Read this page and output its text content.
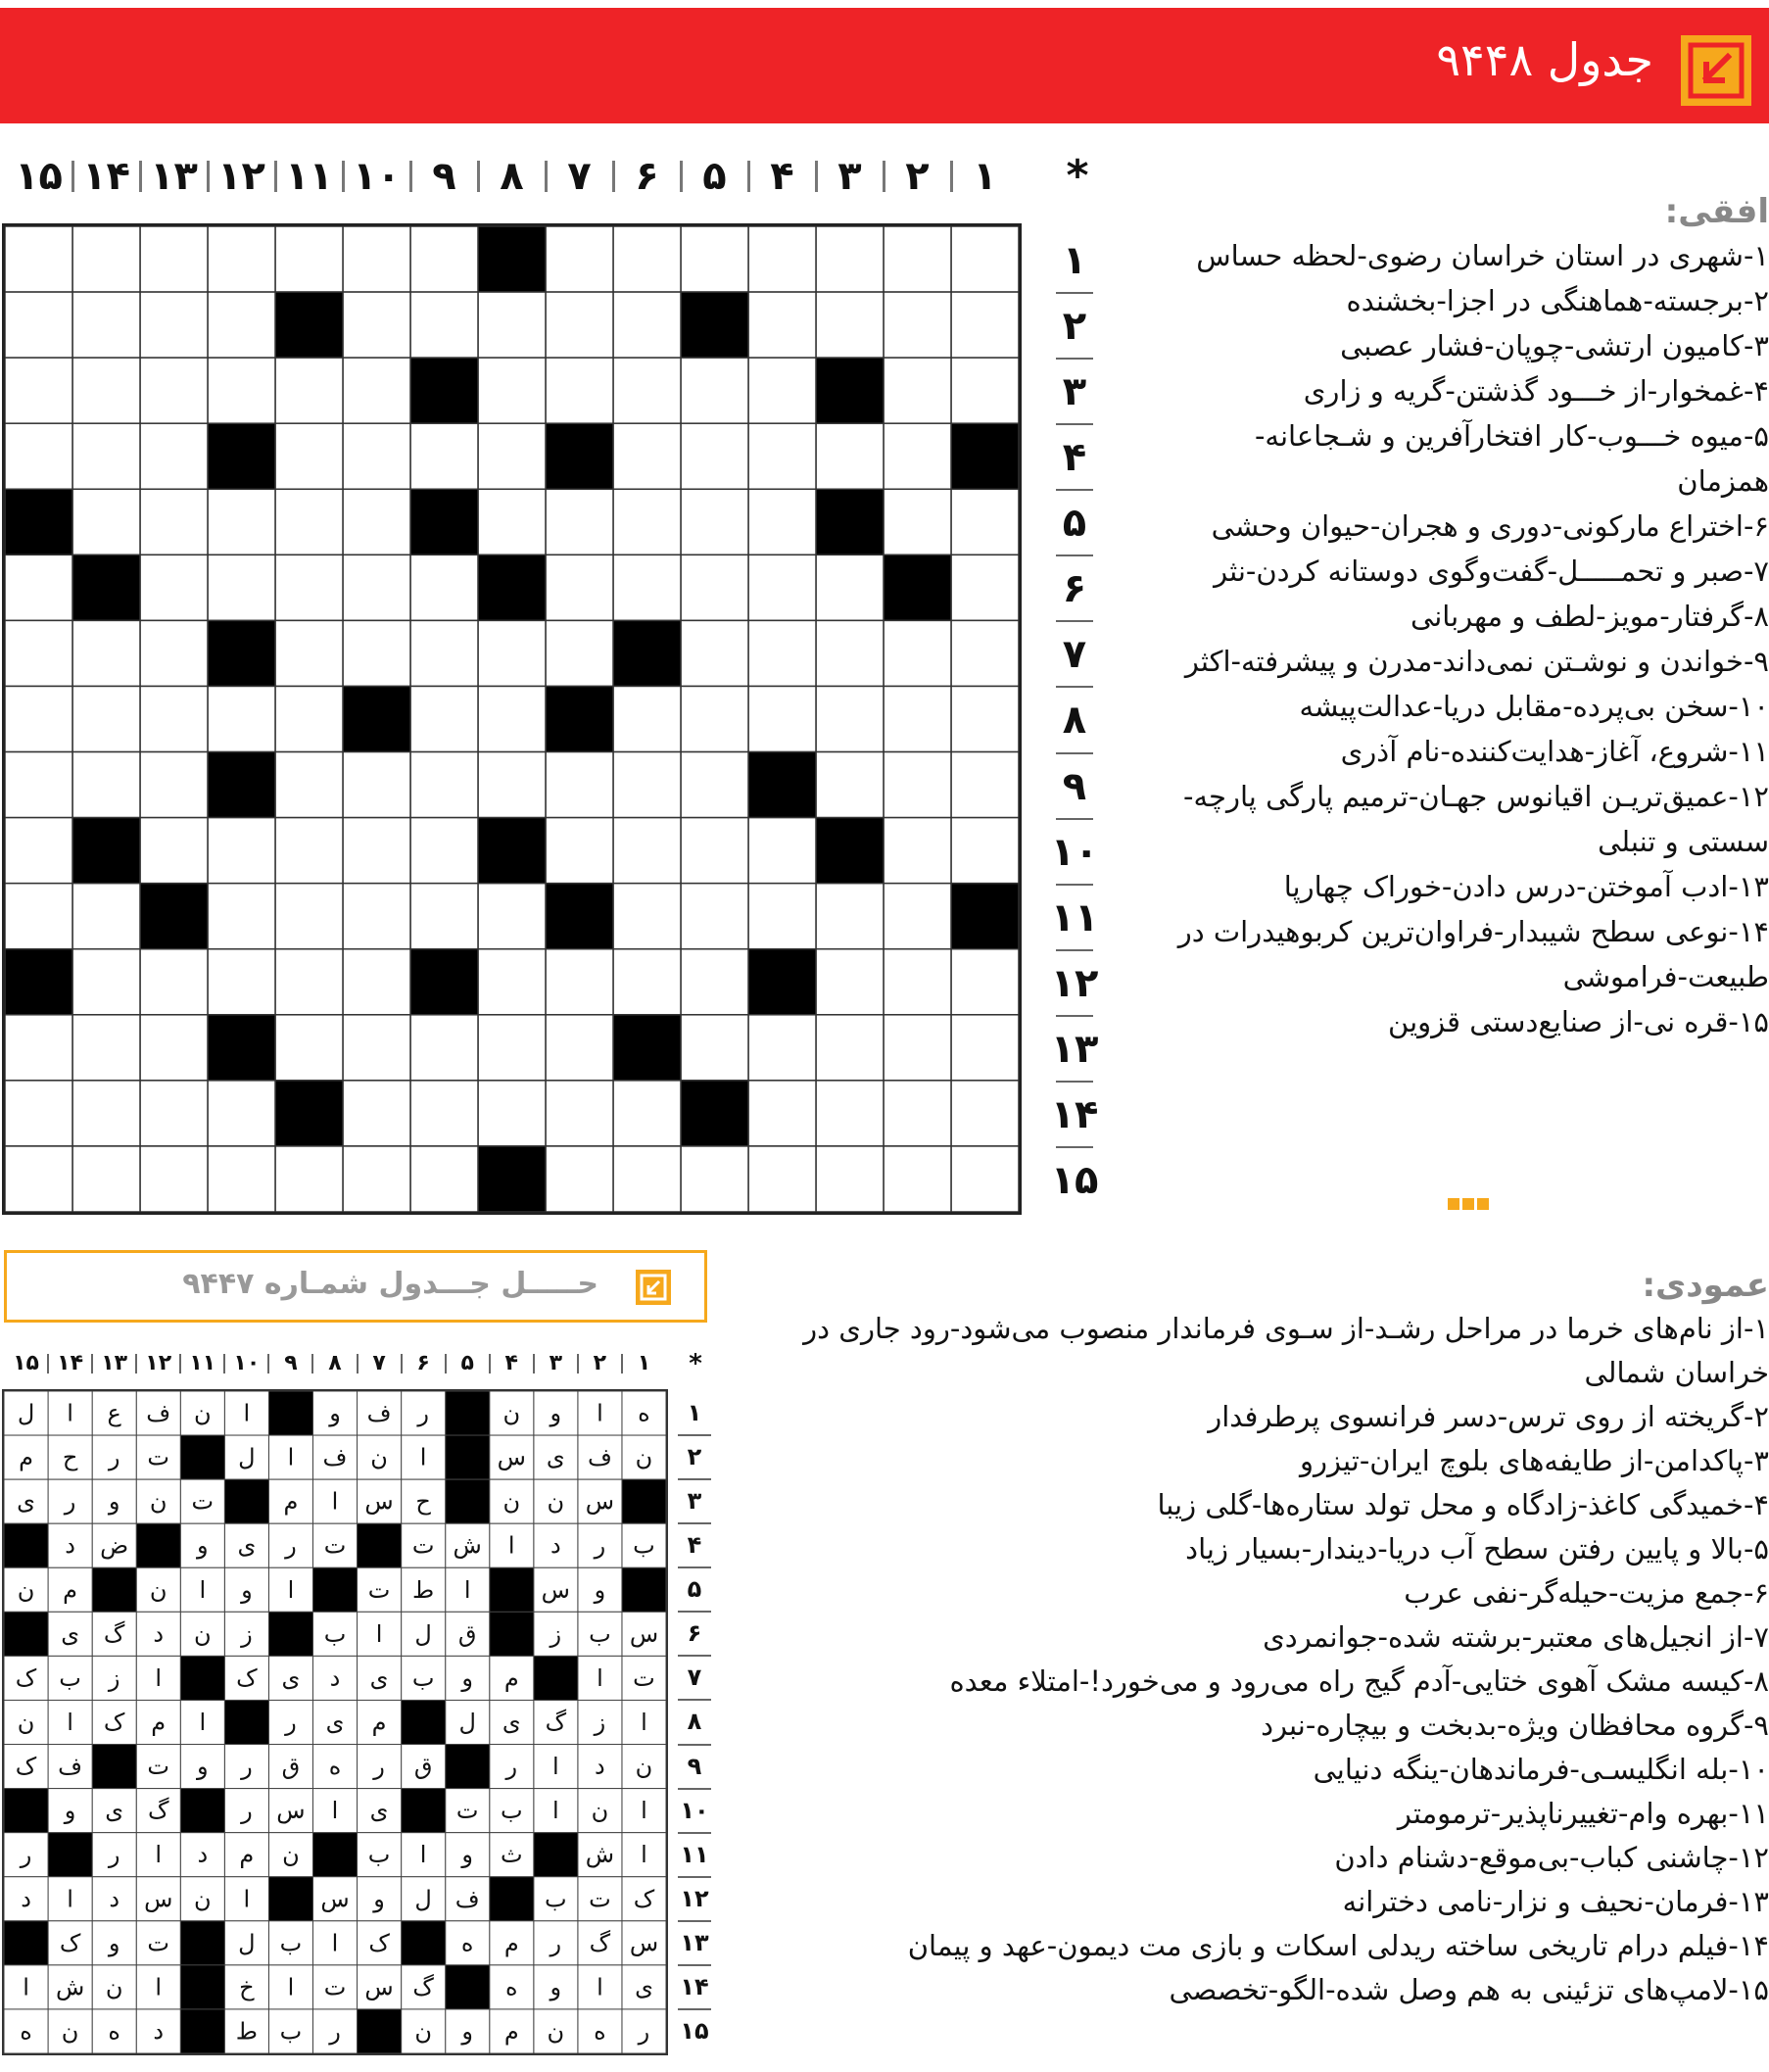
جدول ۹۴۴۸
۱
۲
۳
۴
۵
۶
۷
۸
۹
۱۰
۱۱
۱۲
۱۳
۱۴
۱۵	*
۱
۲
۳
۴
۵
۶
۷
۸
۹
۱۰
۱۱
۱۲
۱۳
۱۴
۱۵
افقی:
۱-شهری در استان خراسان رضوی-لحظه حساس
۲-برجسته-هماهنگی در اجزا-بخشنده
۳-کامیون ارتشی-چوپان-فشار عصبی
۴-غمخوار-از خـــود گذشتن-گریه و زاری
۵-میوه خـــوب-کار افتخارآفرین و شـجاعانه-همزمان
۶-اختراع مارکونی-دوری و هجران-حیوان وحشی
۷-صبر و تحمـــــل-گفت‌وگوی دوستانه کردن-نثر
۸-گرفتار-مویز-لطف و مهربانی
۹-خواندن و نوشـتن نمی‌داند-مدرن و پیشرفته-اکثر
۱۰-سخن بی‌پرده-مقابل دریا-عدالت‌پیشه
۱۱-شروع، آغاز-هدایت‌کننده-نام آذری
۱۲-عمیق‌تریـن اقیانوس جهـان-ترمیم پارگی پارچه-سستی و تنبلی
۱۳-ادب آموختن-درس دادن-خوراک چهارپا
۱۴-نوعی سطح شیبدار-فراوان‌ترین کربوهیدرات در طبیعت-فراموشی
۱۵-قره نی-از صنایع‌دستی قزوین
عمودی:
۱-از نام‌های خرما در مراحل رشـد-از سـوی فرماندار منصوب می‌شود-رود جاری در خراسان شمالی
۲-گریخته از روی ترس-دسر فرانسوی پرطرفدار
۳-پاکدامن-از طایفه‌های بلوچ ایران-تیزرو
۴-خمیدگی کاغذ-زادگاه و محل تولد ستاره‌ها-گلی زیبا
۵-بالا و پایین رفتن سطح آب دریا-دیندار-بسیار زیاد
۶-جمع مزیت-حیله‌گر-نفی عرب
۷-از انجیل‌های معتبر-برشته شده-جوانمردی
۸-کیسه مشک آهوی ختایی-آدم گیج راه می‌رود و می‌خورد!-امتلاء معده
۹-گروه محافظان ویژه-بدبخت و بیچاره-نبرد
۱۰-بله انگلیسـی-فرماندهان-ینگه دنیایی
۱۱-بهره وام-تغییرناپذیر-ترمومتر
۱۲-چاشنی کباب-بی‌موقع-دشنام دادن
۱۳-فرمان-نحیف و نزار-نامی دخترانه
۱۴-فیلم درام تاریخی ساخته ریدلی اسکات و بازی مت دیمون-عهد و پیمان
۱۵-لامپ‌های تزئینی به هم وصل شده-الگو-تخصصی
حـــــل جـــدول شمـاره ۹۴۴۷
۱
۲
۳
۴
۵
۶
۷
۸
۹
۱۰
۱۱
۱۲
۱۳
۱۴
۱۵	*
ه
ا
و
ن
ر
ف
و
ا
ن
ف
ع
ا
ل
ن
ف
ی
س
ا
ن
ف
ا
ل
ت
ر
ح
م
س
ن
ن
ح
س
ا
م
ت
ن
و
ر
ی
ب
ر
د
ا
ش
ت
ت
ر
ی
و
ض
د
و
س
ا
ط
ت
ا
و
ا
ن
م
ن
س
ب
ز
ق
ل
ا
ب
ز
ن
د
گ
ی
ت
ا
م
و
ب
ی
د
ی
ک
ا
ز
ب
ک
ا
ز
گ
ی
ل
م
ی
ر
ا
م
ک
ا
ن
ن
د
ا
ر
ق
ر
ه
ق
ر
و
ت
ف
ک
ا
ن
ا
ب
ت
ی
ا
س
ر
گ
ی
و
ا
ش
ث
و
ا
ب
ن
م
د
ا
ر
ر
ک
ت
ب
ف
ل
و
س
ا
ن
س
د
ا
د
س
گ
ر
م
ه
ک
ا
ب
ل
ت
و
ک
ی
ا
و
ه
گ
س
ت
ا
خ
ا
ن
ش
ا
ر
ه
ن
م
و
ن
ر
ب
ط
د
ه
ن
ه
۱
۲
۳
۴
۵
۶
۷
۸
۹
۱۰
۱۱
۱۲
۱۳
۱۴
۱۵
